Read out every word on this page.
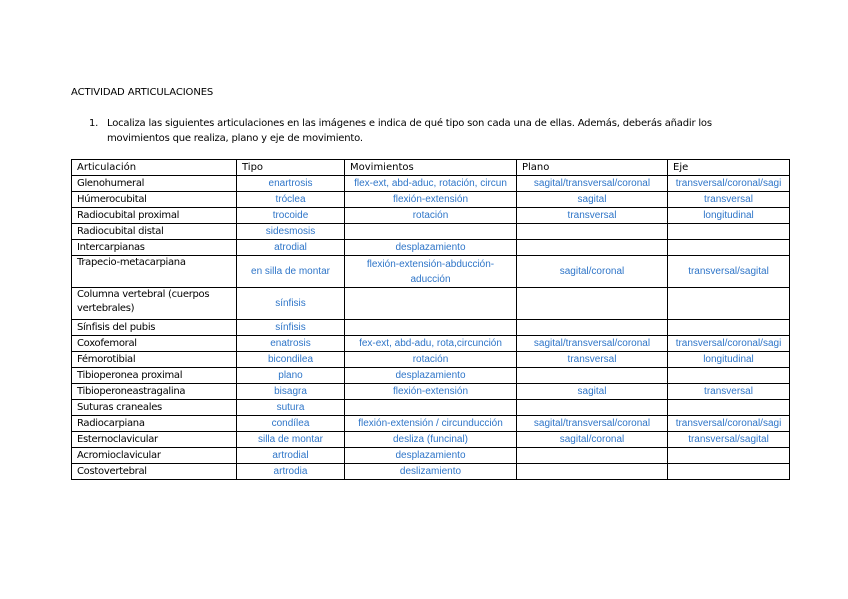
ACTIVIDAD ARTICULACIONES
1. Localiza las siguientes articulaciones en las imágenes e indica de qué tipo son cada una de ellas. Además, deberás añadir los movimientos que realiza, plano y eje de movimiento.
Articulación	Tipo	Movimientos	Plano	Eje
Glenohumeral	enartrosis	flex-ext, abd-aduc, rotación, circun	sagital/transversal/coronal	transversal/coronal/sagi
Húmerocubital	tróclea	flexión-extensión	sagital	transversal
Radiocubital proximal	trocoide	rotación	transversal	longitudinal
Radiocubital distal	sidesmosis			
Intercarpianas	atrodial	desplazamiento		
Trapecio-metacarpiana	en silla de montar	flexión-extensión-abducción-aducción	sagital/coronal	transversal/sagital
Columna vertebral (cuerpos vertebrales)	sínfisis			
Sínfisis del pubis	sínfisis			
Coxofemoral	enatrosis	fex-ext, abd-adu, rota,circunción	sagital/transversal/coronal	transversal/coronal/sagi
Fémorotibial	bicondilea	rotación	transversal	longitudinal
Tibioperonea proximal	plano	desplazamiento		
Tibioperoneastragalina	bisagra	flexión-extensión	sagital	transversal
Suturas craneales	sutura			
Radiocarpiana	condílea	flexión-extensión / circunducción	sagital/transversal/coronal	transversal/coronal/sagi
Esternoclavicular	silla de montar	desliza (funcinal)	sagital/coronal	transversal/sagital
Acromioclavicular	artrodial	desplazamiento		
Costovertebral	artrodia	deslizamiento		
